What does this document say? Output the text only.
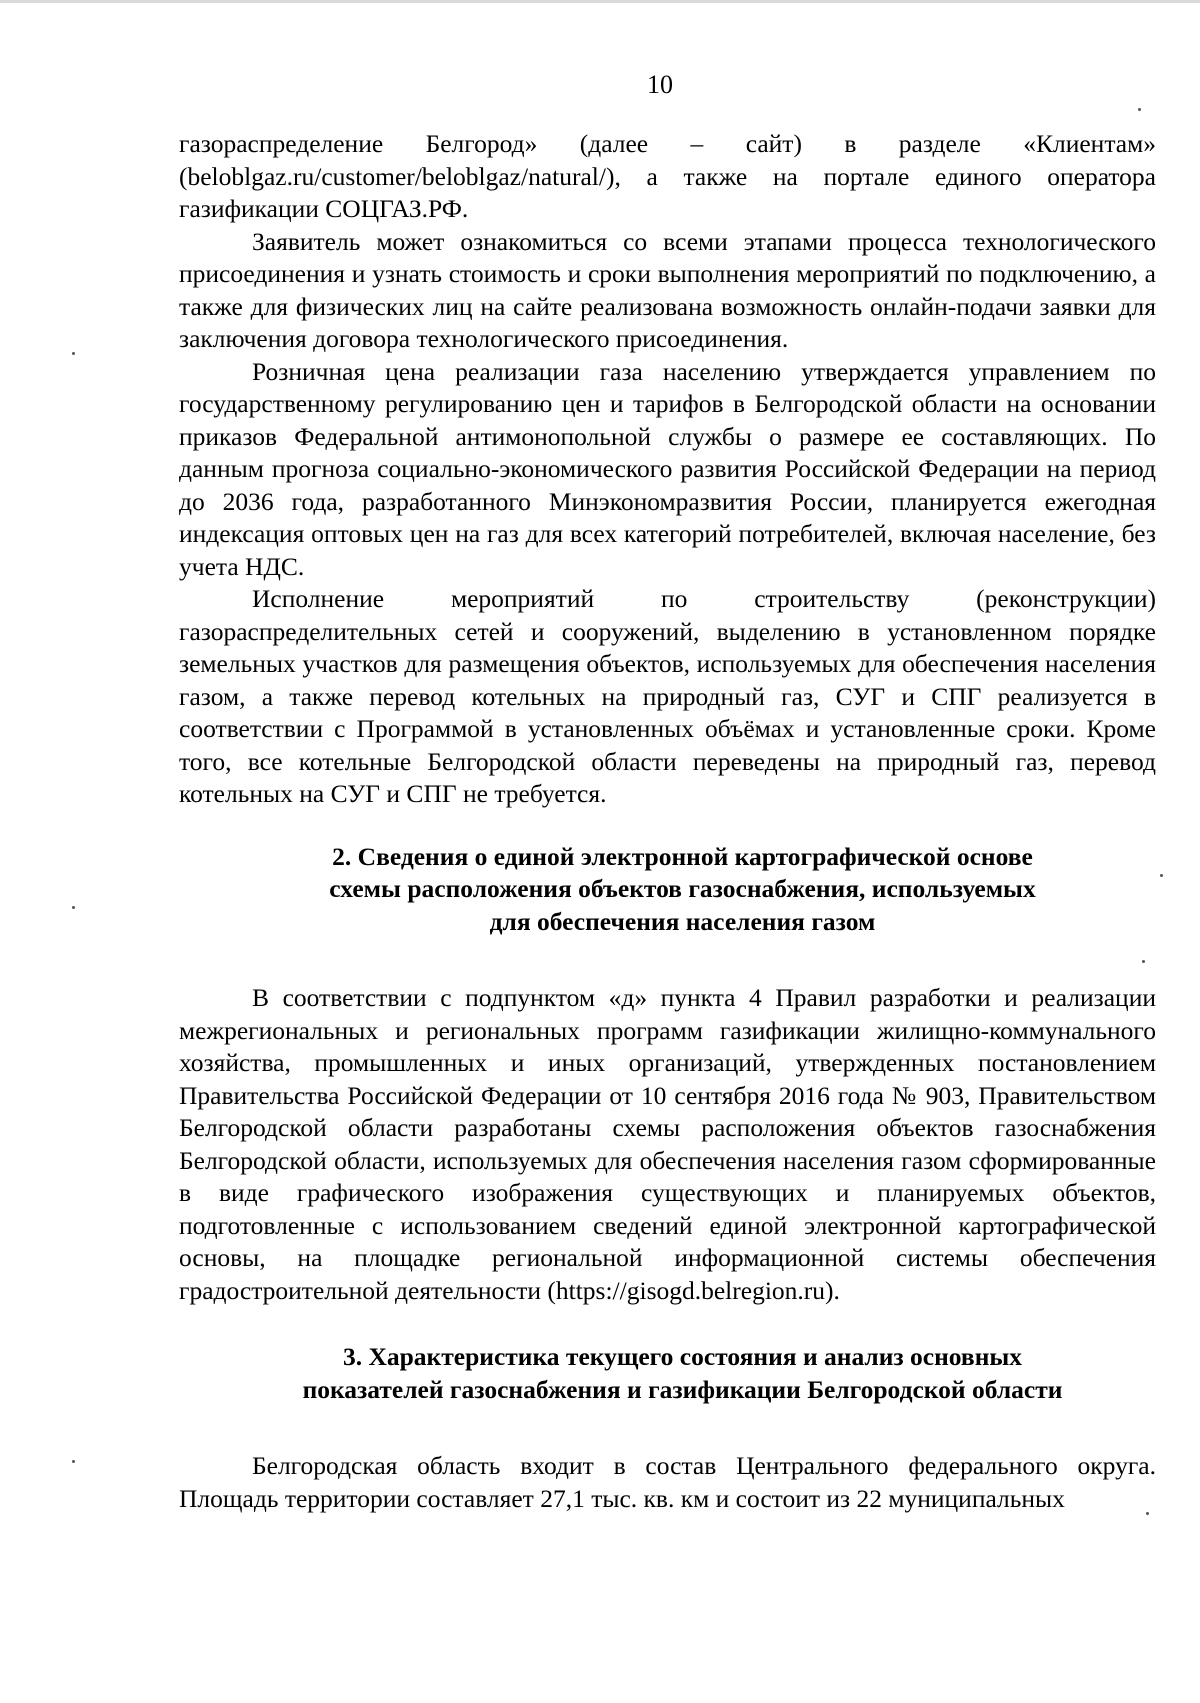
10

газораспределение Белгород» (далее – сайт) в разделе «Клиентам» (beloblgaz.ru/customer/beloblgaz/natural/), а также на портале единого оператора газификации СОЦГАЗ.РФ.

Заявитель может ознакомиться со всеми этапами процесса технологического присоединения и узнать стоимость и сроки выполнения мероприятий по подключению, а также для физических лиц на сайте реализована возможность онлайн-подачи заявки для заключения договора технологического присоединения.

Розничная цена реализации газа населению утверждается управлением по государственному регулированию цен и тарифов в Белгородской области на основании приказов Федеральной антимонопольной службы о размере ее составляющих. По данным прогноза социально-экономического развития Российской Федерации на период до 2036 года, разработанного Минэкономразвития России, планируется ежегодная индексация оптовых цен на газ для всех категорий потребителей, включая население, без учета НДС.

Исполнение мероприятий по строительству (реконструкции) газораспределительных сетей и сооружений, выделению в установленном порядке земельных участков для размещения объектов, используемых для обеспечения населения газом, а также перевод котельных на природный газ, СУГ и СПГ реализуется в соответствии с Программой в установленных объёмах и установленные сроки. Кроме того, все котельные Белгородской области переведены на природный газ, перевод котельных на СУГ и СПГ не требуется.

2. Сведения о единой электронной картографической основе
схемы расположения объектов газоснабжения, используемых
для обеспечения населения газом

В соответствии с подпунктом «д» пункта 4 Правил разработки и реализации межрегиональных и региональных программ газификации жилищно-коммунального хозяйства, промышленных и иных организаций, утвержденных постановлением Правительства Российской Федерации от 10 сентября 2016 года № 903, Правительством Белгородской области разработаны схемы расположения объектов газоснабжения Белгородской области, используемых для обеспечения населения газом сформированные в виде графического изображения существующих и планируемых объектов, подготовленные с использованием сведений единой электронной картографической основы, на площадке региональной информационной системы обеспечения градостроительной деятельности (https://gisogd.belregion.ru).

3. Характеристика текущего состояния и анализ основных
показателей газоснабжения и газификации Белгородской области

Белгородская область входит в состав Центрального федерального округа. Площадь территории составляет 27,1 тыс. кв. км и состоит из 22 муниципальных
